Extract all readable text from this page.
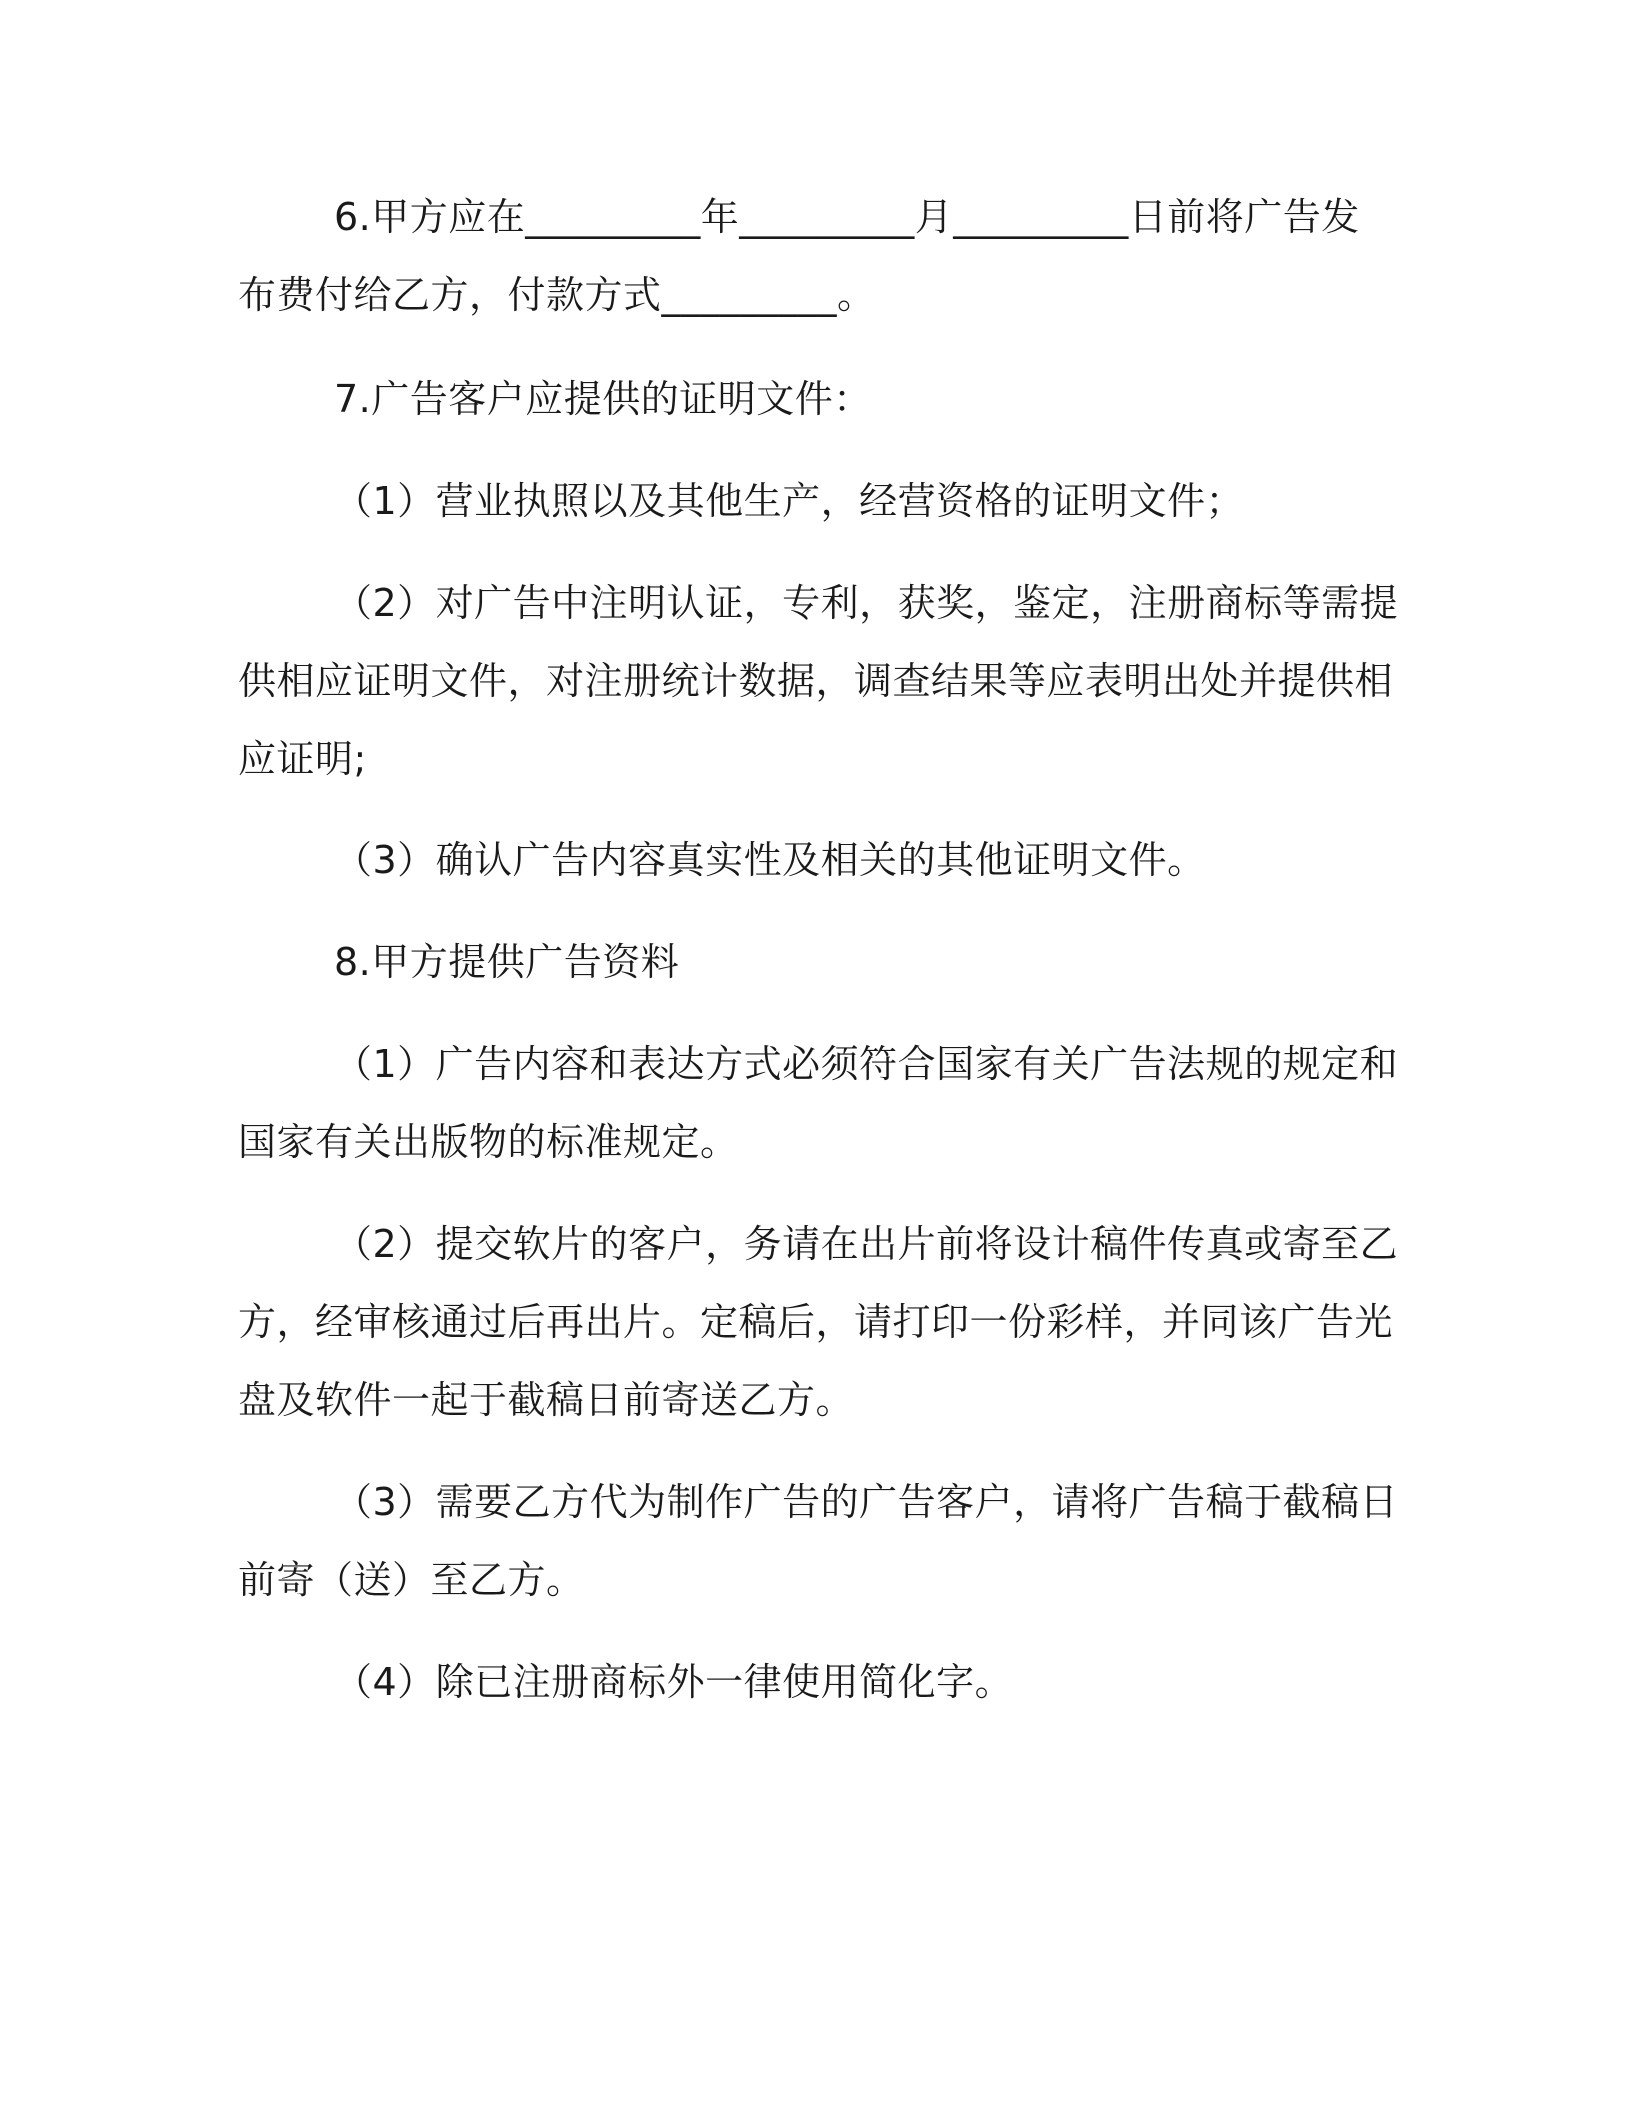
6.甲方应在_________年_________月_________日前将广告发
布费付给乙方，付款方式_________。
7.广告客户应提供的证明文件：
（1）营业执照以及其他生产，经营资格的证明文件；
（2）对广告中注明认证，专利，获奖，鉴定，注册商标等需提
供相应证明文件，对注册统计数据，调查结果等应表明出处并提供相
应证明;
（3）确认广告内容真实性及相关的其他证明文件。
8.甲方提供广告资料
（1）广告内容和表达方式必须符合国家有关广告法规的规定和
国家有关出版物的标准规定。
（2）提交软片的客户，务请在出片前将设计稿件传真或寄至乙
方，经审核通过后再出片。定稿后，请打印一份彩样，并同该广告光
盘及软件一起于截稿日前寄送乙方。
（3）需要乙方代为制作广告的广告客户，请将广告稿于截稿日
前寄（送）至乙方。
（4）除已注册商标外一律使用简化字。
